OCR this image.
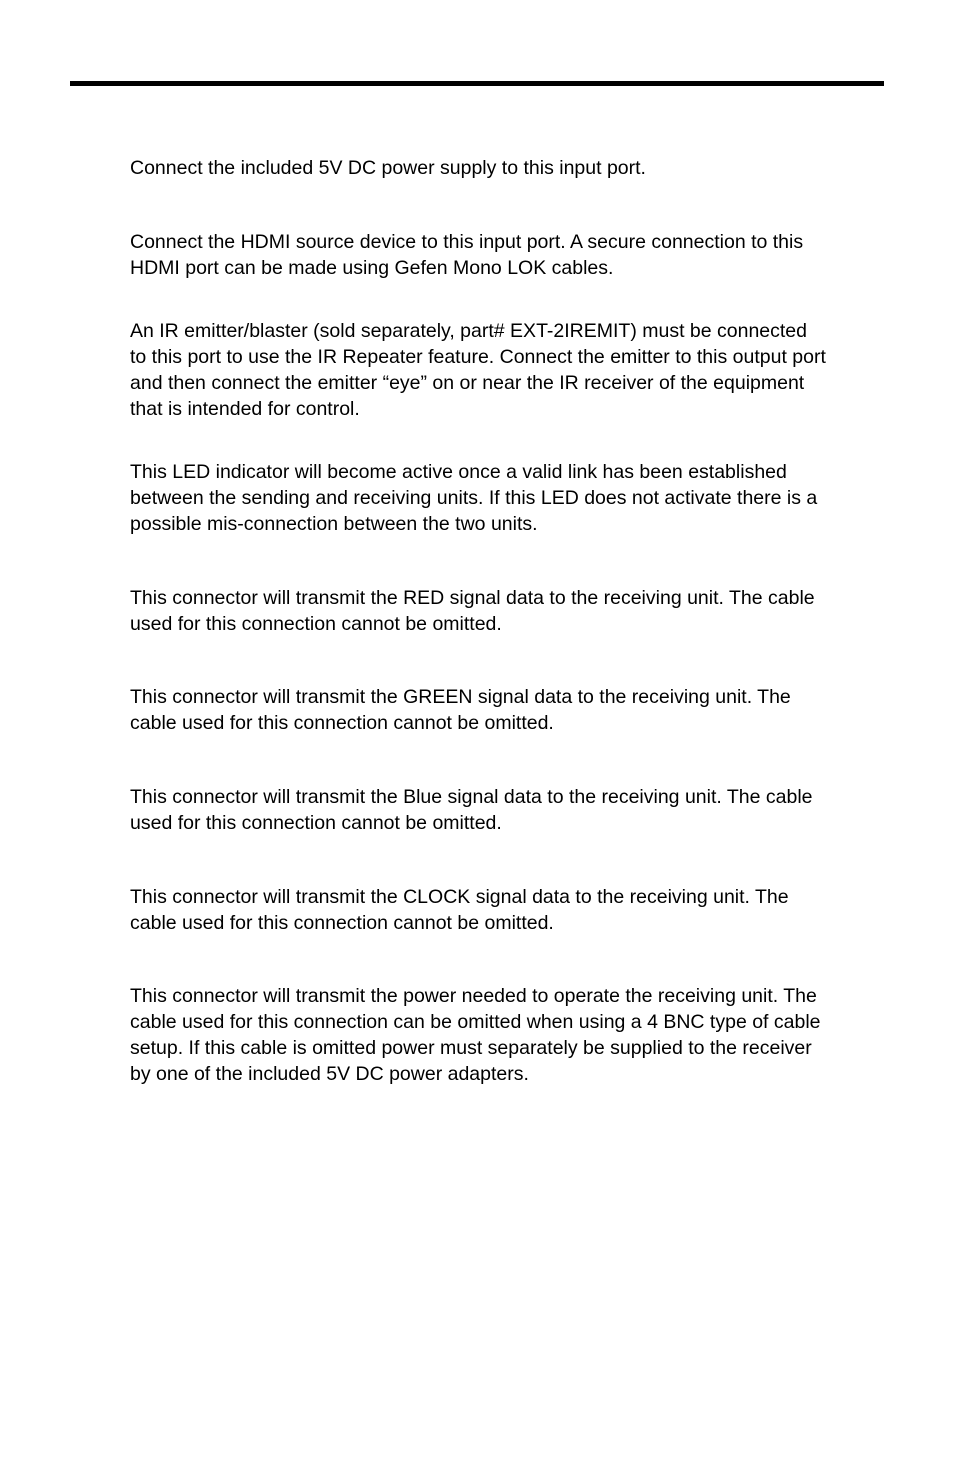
Connect the included 5V DC power supply to this input port.

Connect the HDMI source device to this input port. A secure connection to this
HDMI port can be made using Gefen Mono LOK cables.

An IR emitter/blaster (sold separately, part# EXT-2IREMIT) must be connected
to this port to use the IR Repeater feature. Connect the emitter to this output port
and then connect the emitter “eye” on or near the IR receiver of the equipment
that is intended for control.

This LED indicator will become active once a valid link has been established
between the sending and receiving units. If this LED does not activate there is a
possible mis-connection between the two units.

This connector will transmit the RED signal data to the receiving unit. The cable
used for this connection cannot be omitted.

This connector will transmit the GREEN signal data to the receiving unit. The
cable used for this connection cannot be omitted.

This connector will transmit the Blue signal data to the receiving unit. The cable
used for this connection cannot be omitted.

This connector will transmit the CLOCK signal data to the receiving unit. The
cable used for this connection cannot be omitted.

This connector will transmit the power needed to operate the receiving unit. The
cable used for this connection can be omitted when using a 4 BNC type of cable
setup. If this cable is omitted power must separately be supplied to the receiver
by one of the included 5V DC power adapters.
